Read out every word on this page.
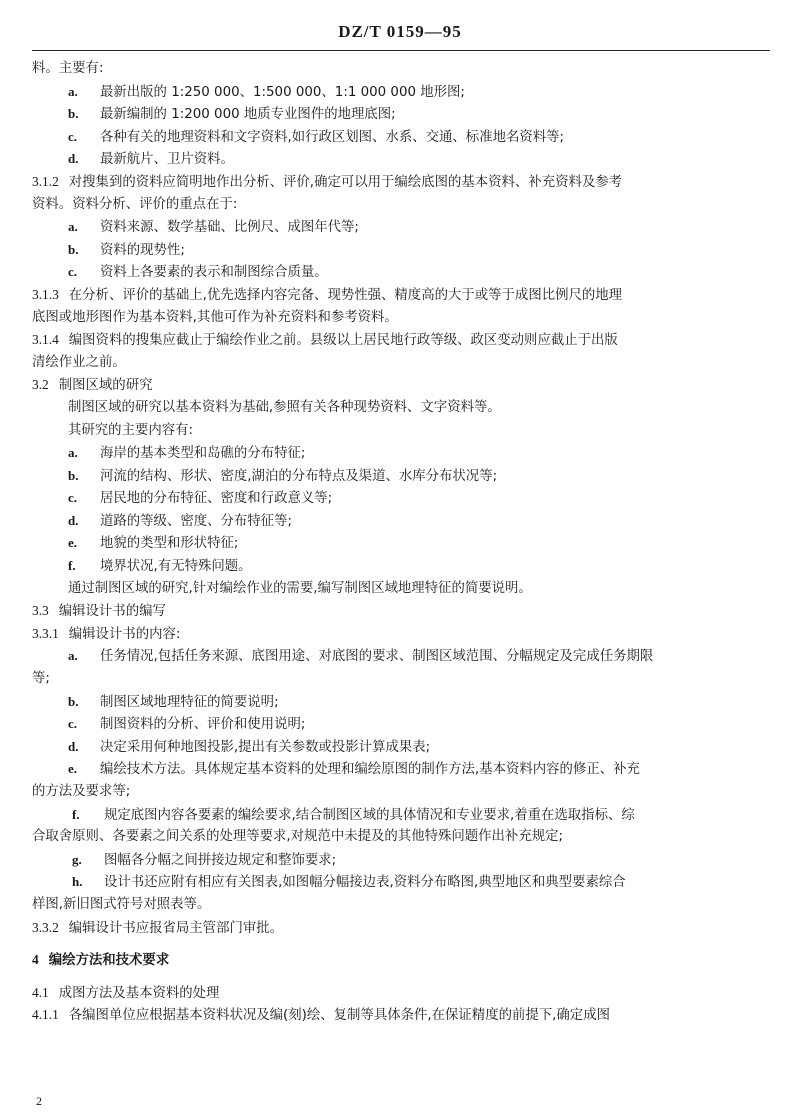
DZ/T 0159—95
料。主要有:
a. 最新出版的 1:250 000、1:500 000、1:1 000 000 地形图;
b. 最新编制的 1:200 000 地质专业图件的地理底图;
c. 各种有关的地理资料和文字资料,如行政区划图、水系、交通、标准地名资料等;
d. 最新航片、卫片资料。
3.1.2 对搜集到的资料应简明地作出分析、评价,确定可以用于编绘底图的基本资料、补充资料及参考
资料。资料分析、评价的重点在于:
a. 资料来源、数学基础、比例尺、成图年代等;
b. 资料的现势性;
c. 资料上各要素的表示和制图综合质量。
3.1.3 在分析、评价的基础上,优先选择内容完备、现势性强、精度高的大于或等于成图比例尺的地理
底图或地形图作为基本资料,其他可作为补充资料和参考资料。
3.1.4 编图资料的搜集应截止于编绘作业之前。县级以上居民地行政等级、政区变动则应截止于出版
清绘作业之前。
3.2 制图区域的研究
制图区域的研究以基本资料为基础,参照有关各种现势资料、文字资料等。
其研究的主要内容有:
a. 海岸的基本类型和岛礁的分布特征;
b. 河流的结构、形状、密度,湖泊的分布特点及渠道、水库分布状况等;
c. 居民地的分布特征、密度和行政意义等;
d. 道路的等级、密度、分布特征等;
e. 地貌的类型和形状特征;
f. 境界状况,有无特殊问题。
通过制图区域的研究,针对编绘作业的需要,编写制图区域地理特征的简要说明。
3.3 编辑设计书的编写
3.3.1 编辑设计书的内容:
a. 任务情况,包括任务来源、底图用途、对底图的要求、制图区域范围、分幅规定及完成任务期限
等;
b. 制图区域地理特征的简要说明;
c. 制图资料的分析、评价和使用说明;
d. 决定采用何种地图投影,提出有关参数或投影计算成果表;
e. 编绘技术方法。具体规定基本资料的处理和编绘原图的制作方法,基本资料内容的修正、补充
的方法及要求等;
f. 规定底图内容各要素的编绘要求,结合制图区域的具体情况和专业要求,着重在选取指标、综
合取舍原则、各要素之间关系的处理等要求,对规范中未提及的其他特殊问题作出补充规定;
g. 图幅各分幅之间拼接边规定和整饰要求;
h. 设计书还应附有相应有关图表,如图幅分幅接边表,资料分布略图,典型地区和典型要素综合
样图,新旧图式符号对照表等。
3.3.2 编辑设计书应报省局主管部门审批。
4 编绘方法和技术要求
4.1 成图方法及基本资料的处理
4.1.1 各编图单位应根据基本资料状况及编(刻)绘、复制等具体条件,在保证精度的前提下,确定成图
2
